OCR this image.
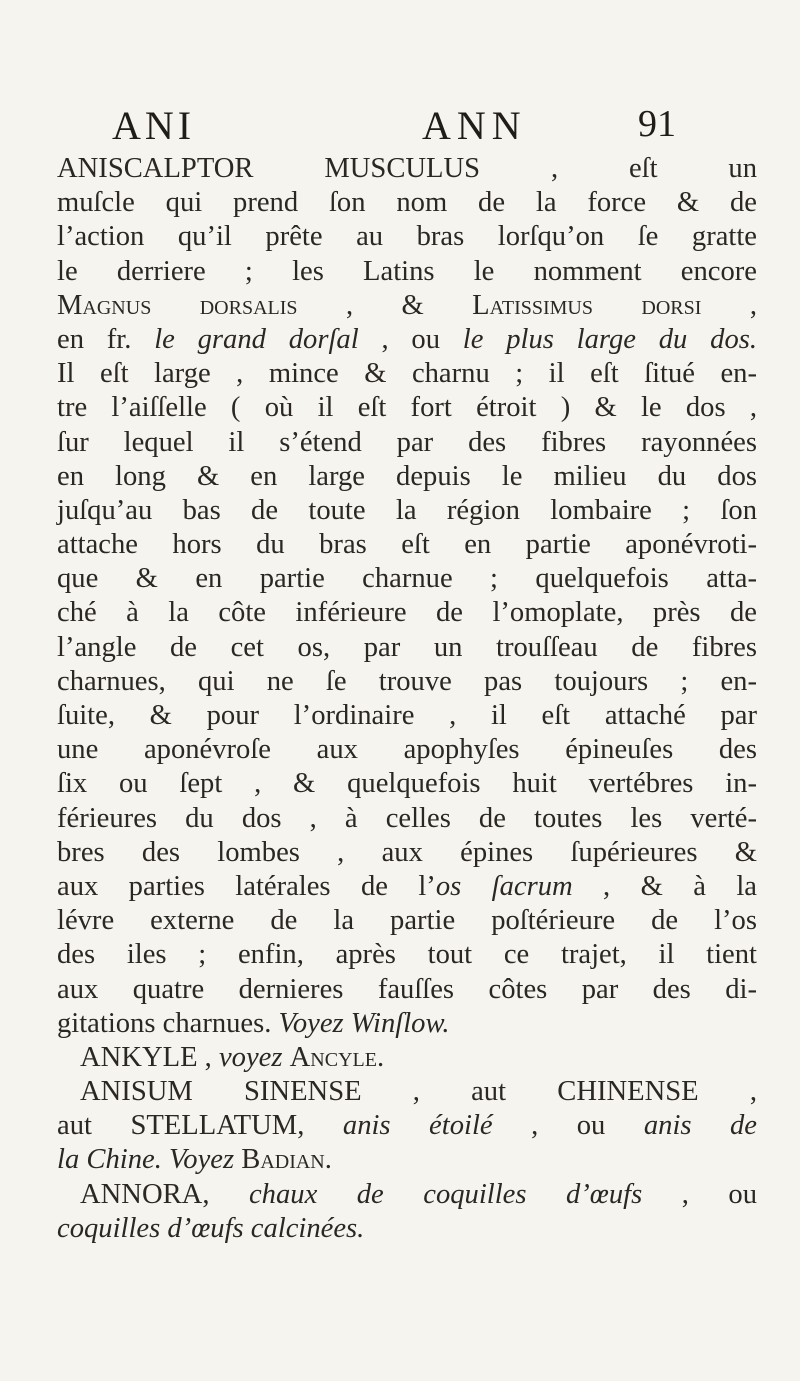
ANI	ANN	91
ANISCALPTOR MUSCULUS , eſt un
muſcle qui prend ſon nom de la force & de
l’action qu’il prête au bras lorſqu’on ſe gratte
le derriere ; les Latins le nomment encore
Magnus dorsalis , & Latissimus dorsi ,
en fr. le grand dorſal , ou le plus large du dos.
Il eſt large , mince & charnu ; il eſt ſitué en-
tre l’aiſſelle ( où il eſt fort étroit ) & le dos ,
ſur lequel il s’étend par des fibres rayonnées
en long & en large depuis le milieu du dos
juſqu’au bas de toute la région lombaire ; ſon
attache hors du bras eſt en partie aponévroti-
que & en partie charnue ; quelquefois atta-
ché à la côte inférieure de l’omoplate, près de
l’angle de cet os, par un trouſſeau de fibres
charnues, qui ne ſe trouve pas toujours ; en-
ſuite, & pour l’ordinaire , il eſt attaché par
une aponévroſe aux apophyſes épineuſes des
ſix ou ſept , & quelquefois huit vertébres in-
férieures du dos , à celles de toutes les verté-
bres des lombes , aux épines ſupérieures &
aux parties latérales de l’os ſacrum , & à la
lévre externe de la partie poſtérieure de l’os
des iles ; enfin, après tout ce trajet, il tient
aux quatre dernieres fauſſes côtes par des di-
gitations charnues. Voyez Winſlow.
ANKYLE , voyez Ancyle.
ANISUM SINENSE , aut CHINENSE ,
aut STELLATUM, anis étoilé , ou anis de
la Chine. Voyez Badian.
ANNORA, chaux de coquilles d’œufs , ou
coquilles d’œufs calcinées.
